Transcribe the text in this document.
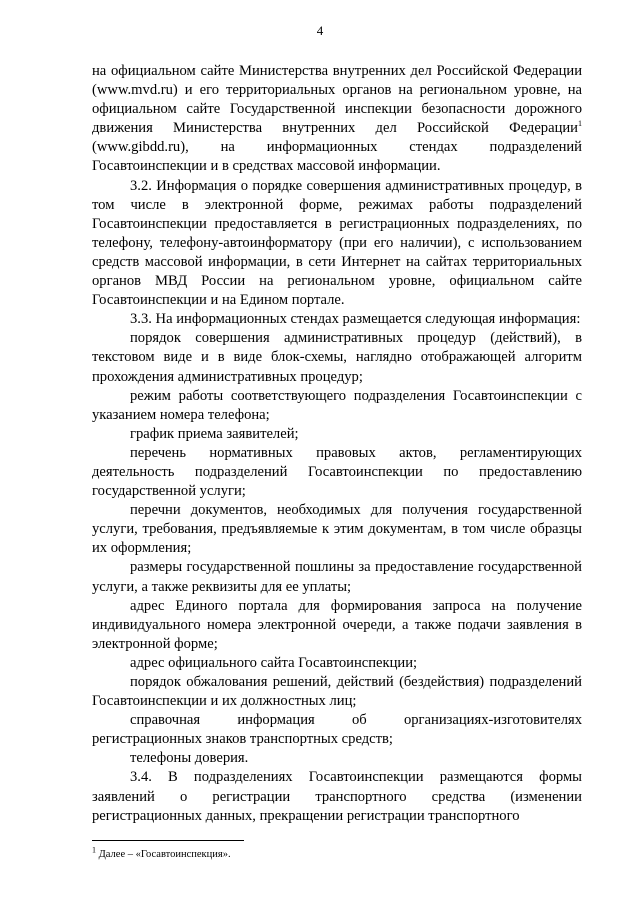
4

на официальном сайте Министерства внутренних дел Российской Федерации (www.mvd.ru) и его территориальных органов на региональном уровне, на официальном сайте Государственной инспекции безопасности дорожного движения Министерства внутренних дел Российской Федерации$^1$ (www.gibdd.ru), на информационных стендах подразделений Госавтоинспекции и в средствах массовой информации.

3.2. Информация о порядке совершения административных процедур, в том числе в электронной форме, режимах работы подразделений Госавтоинспекции предоставляется в регистрационных подразделениях, по телефону, телефону-автоинформатору (при его наличии), с использованием средств массовой информации, в сети Интернет на сайтах территориальных органов МВД России на региональном уровне, официальном сайте Госавтоинспекции и на Едином портале.

3.3. На информационных стендах размещается следующая информация:

порядок совершения административных процедур (действий), в текстовом виде и в виде блок-схемы, наглядно отображающей алгоритм прохождения административных процедур;

режим работы соответствующего подразделения Госавтоинспекции с указанием номера телефона;

график приема заявителей;

перечень нормативных правовых актов, регламентирующих деятельность подразделений Госавтоинспекции по предоставлению государственной услуги;

перечни документов, необходимых для получения государственной услуги, требования, предъявляемые к этим документам, в том числе образцы их оформления;

размеры государственной пошлины за предоставление государственной услуги, а также реквизиты для ее уплаты;

адрес Единого портала для формирования запроса на получение индивидуального номера электронной очереди, а также подачи заявления в электронной форме;

адрес официального сайта Госавтоинспекции;

порядок обжалования решений, действий (бездействия) подразделений Госавтоинспекции и их должностных лиц;

справочная информация об организациях-изготовителях регистрационных знаков транспортных средств;

телефоны доверия.

3.4. В подразделениях Госавтоинспекции размещаются формы заявлений о регистрации транспортного средства (изменении регистрационных данных, прекращении регистрации транспортного

$^1$ Далее – «Госавтоинспекция».
